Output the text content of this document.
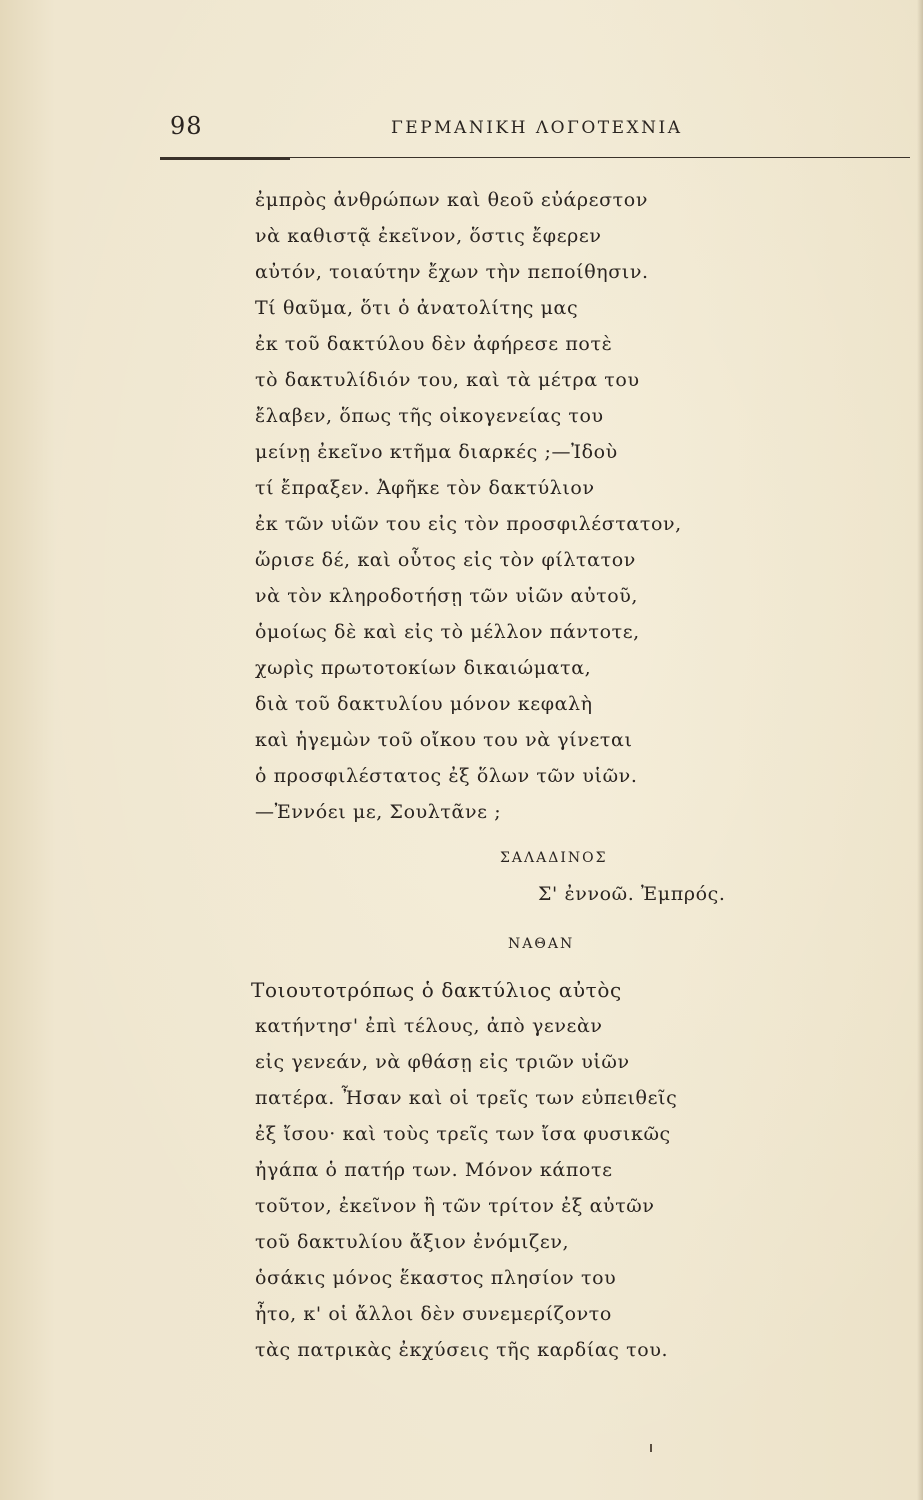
98	ΓΕΡΜΑΝΙΚΗ ΛΟΓΟΤΕΧΝΙΑ
ἐμπρὸς ἀνθρώπων καὶ θεοῦ εὐάρεστον
νὰ καθιστᾷ ἐκεῖνον, ὅστις ἔφερεν
αὐτόν, τοιαύτην ἔχων τὴν πεποίθησιν.
Τί θαῦμα, ὅτι ὁ ἀνατολίτης μας
ἐκ τοῦ δακτύλου δὲν ἀφήρεσε ποτὲ
τὸ δακτυλίδιόν του, καὶ τὰ μέτρα του
ἔλαβεν, ὅπως τῆς οἰκογενείας του
μείνῃ ἐκεῖνο κτῆμα διαρκές ;—Ἰδοὺ
τί ἔπραξεν. Ἀφῆκε τὸν δακτύλιον
ἐκ τῶν υἱῶν του εἰς τὸν προσφιλέστατον,
ὥρισε δέ, καὶ οὗτος εἰς τὸν φίλτατον
νὰ τὸν κληροδοτήσῃ τῶν υἱῶν αὐτοῦ,
ὁμοίως δὲ καὶ εἰς τὸ μέλλον πάντοτε,
χωρὶς πρωτοτοκίων δικαιώματα,
διὰ τοῦ δακτυλίου μόνον κεφαλὴ
καὶ ἡγεμὼν τοῦ οἴκου του νὰ γίνεται
ὁ προσφιλέστατος ἐξ ὅλων τῶν υἱῶν.
—Ἐννόει με, Σουλτᾶνε ;
ΣΑΛΑΔΙΝΟΣ
Σ' ἐννοῶ. Ἐμπρός.
ΝΑΘΑΝ
Τοιουτοτρόπως ὁ δακτύλιος αὐτὸς
κατήντησ' ἐπὶ τέλους, ἀπὸ γενεὰν
εἰς γενεάν, νὰ φθάσῃ εἰς τριῶν υἱῶν
πατέρα. Ἦσαν καὶ οἱ τρεῖς των εὐπειθεῖς
ἐξ ἴσου· καὶ τοὺς τρεῖς των ἴσα φυσικῶς
ἠγάπα ὁ πατήρ των. Μόνον κάποτε
τοῦτον, ἐκεῖνον ἢ τῶν τρίτον ἐξ αὐτῶν
τοῦ δακτυλίου ἄξιον ἐνόμιζεν,
ὁσάκις μόνος ἕκαστος πλησίον του
ἦτο, κ' οἱ ἄλλοι δὲν συνεμερίζοντο
τὰς πατρικὰς ἐκχύσεις τῆς καρδίας του.
